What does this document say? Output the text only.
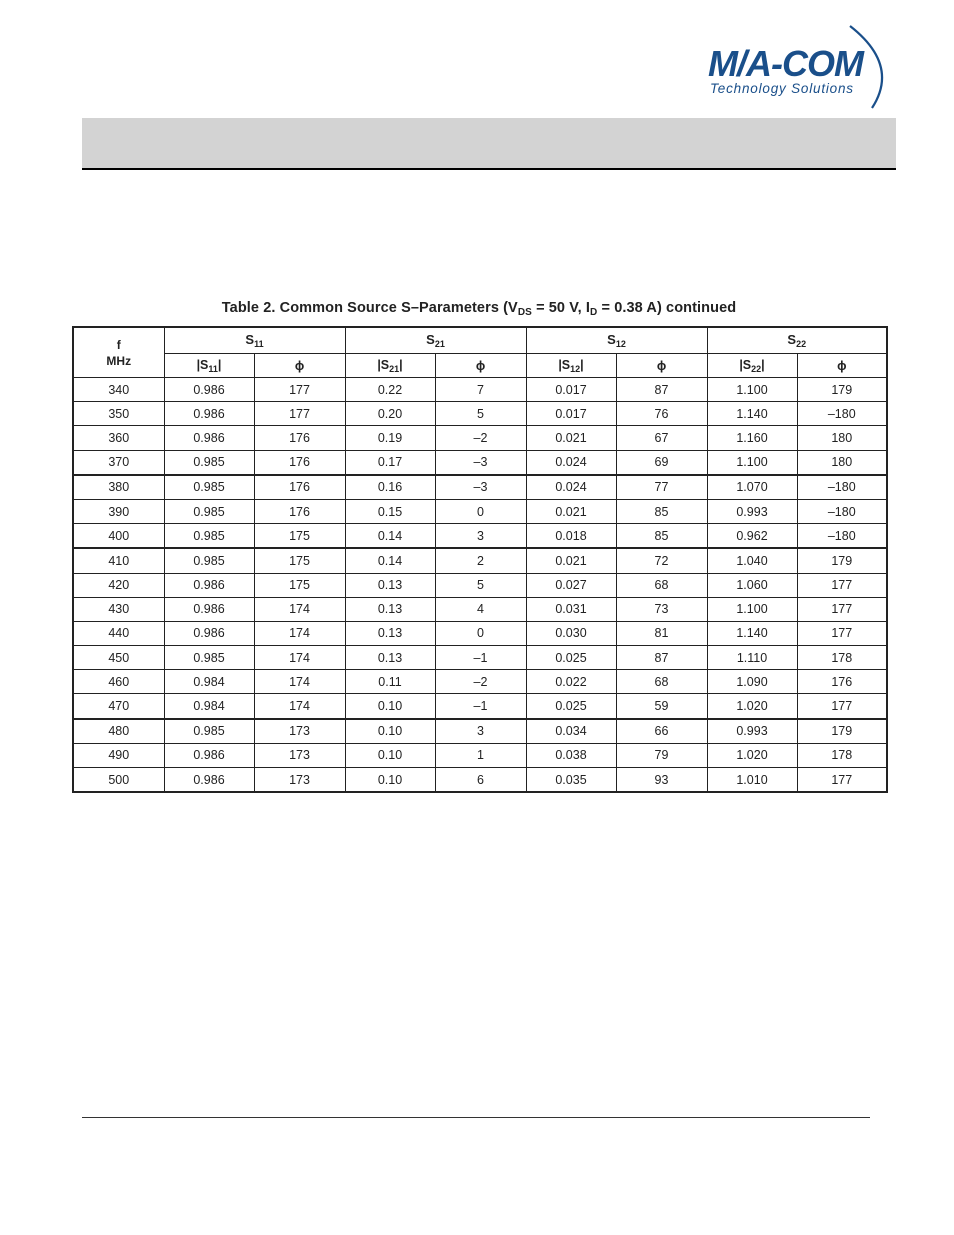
M/A-COM
Technology Solutions
Table 2. Common Source S–Parameters ($V_{DS} = 50$ V, $I_D = 0.38$ A) continued
f
MHz	$S_{11}$		$S_{21}$		$S_{12}$		$S_{22}$
	$|S_{11}|$	ϕ	$|S_{21}|$	ϕ	$|S_{12}|$	ϕ	$|S_{22}|$	ϕ
340	0.986	177	0.22	7	0.017	87	1.100	179
350	0.986	177	0.20	5	0.017	76	1.140	–180
360	0.986	176	0.19	–2	0.021	67	1.160	180
370	0.985	176	0.17	–3	0.024	69	1.100	180
380	0.985	176	0.16	–3	0.024	77	1.070	–180
390	0.985	176	0.15	0	0.021	85	0.993	–180
400	0.985	175	0.14	3	0.018	85	0.962	–180
410	0.985	175	0.14	2	0.021	72	1.040	179
420	0.986	175	0.13	5	0.027	68	1.060	177
430	0.986	174	0.13	4	0.031	73	1.100	177
440	0.986	174	0.13	0	0.030	81	1.140	177
450	0.985	174	0.13	–1	0.025	87	1.110	178
460	0.984	174	0.11	–2	0.022	68	1.090	176
470	0.984	174	0.10	–1	0.025	59	1.020	177
480	0.985	173	0.10	3	0.034	66	0.993	179
490	0.986	173	0.10	1	0.038	79	1.020	178
500	0.986	173	0.10	6	0.035	93	1.010	177
